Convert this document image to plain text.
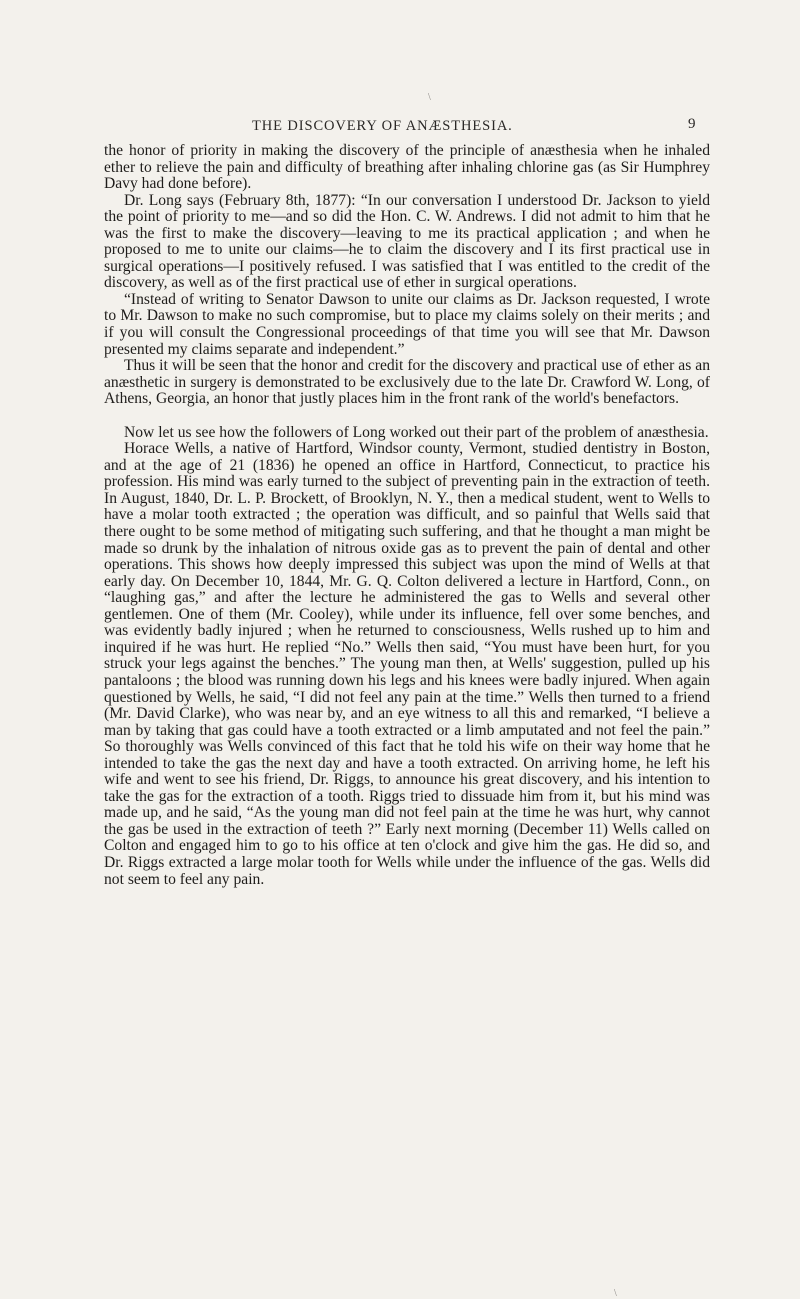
THE DISCOVERY OF ANÆSTHESIA.	9
\
\

the honor of priority in making the discovery of the principle of anæsthesia when he inhaled ether to relieve the pain and difficulty of breathing after inhaling chlorine gas (as Sir Humphrey Davy had done before).

Dr. Long says (February 8th, 1877): “In our conversation I understood Dr. Jackson to yield the point of priority to me—and so did the Hon. C. W. Andrews. I did not admit to him that he was the first to make the discovery—leaving to me its practical application ; and when he proposed to me to unite our claims—he to claim the discovery and I its first practical use in surgical operations—I positively refused. I was satisfied that I was entitled to the credit of the discovery, as well as of the first practical use of ether in surgical operations.

“Instead of writing to Senator Dawson to unite our claims as Dr. Jackson requested, I wrote to Mr. Dawson to make no such compromise, but to place my claims solely on their merits ; and if you will consult the Congressional proceedings of that time you will see that Mr. Dawson presented my claims separate and independent.”

Thus it will be seen that the honor and credit for the discovery and practical use of ether as an anæsthetic in surgery is demonstrated to be exclusively due to the late Dr. Crawford W. Long, of Athens, Georgia, an honor that justly places him in the front rank of the world's benefactors.

Now let us see how the followers of Long worked out their part of the problem of anæsthesia.

Horace Wells, a native of Hartford, Windsor county, Vermont, studied dentistry in Boston, and at the age of 21 (1836) he opened an office in Hartford, Connecticut, to practice his profession. His mind was early turned to the subject of preventing pain in the extraction of teeth. In August, 1840, Dr. L. P. Brockett, of Brooklyn, N. Y., then a medical student, went to Wells to have a molar tooth extracted ; the operation was difficult, and so painful that Wells said that there ought to be some method of mitigating such suffering, and that he thought a man might be made so drunk by the inhalation of nitrous oxide gas as to prevent the pain of dental and other operations. This shows how deeply impressed this subject was upon the mind of Wells at that early day. On December 10, 1844, Mr. G. Q. Colton delivered a lecture in Hartford, Conn., on “laughing gas,” and after the lecture he administered the gas to Wells and several other gentlemen. One of them (Mr. Cooley), while under its influence, fell over some benches, and was evidently badly injured ; when he returned to consciousness, Wells rushed up to him and inquired if he was hurt. He replied “No.” Wells then said, “You must have been hurt, for you struck your legs against the benches.” The young man then, at Wells' suggestion, pulled up his pantaloons ; the blood was running down his legs and his knees were badly injured. When again questioned by Wells, he said, “I did not feel any pain at the time.” Wells then turned to a friend (Mr. David Clarke), who was near by, and an eye witness to all this and remarked, “I believe a man by taking that gas could have a tooth extracted or a limb amputated and not feel the pain.” So thoroughly was Wells convinced of this fact that he told his wife on their way home that he intended to take the gas the next day and have a tooth extracted. On arriving home, he left his wife and went to see his friend, Dr. Riggs, to announce his great discovery, and his intention to take the gas for the extraction of a tooth. Riggs tried to dissuade him from it, but his mind was made up, and he said, “As the young man did not feel pain at the time he was hurt, why cannot the gas be used in the extraction of teeth ?” Early next morning (December 11) Wells called on Colton and engaged him to go to his office at ten o'clock and give him the gas. He did so, and Dr. Riggs extracted a large molar tooth for Wells while under the influence of the gas. Wells did not seem to feel any pain.
